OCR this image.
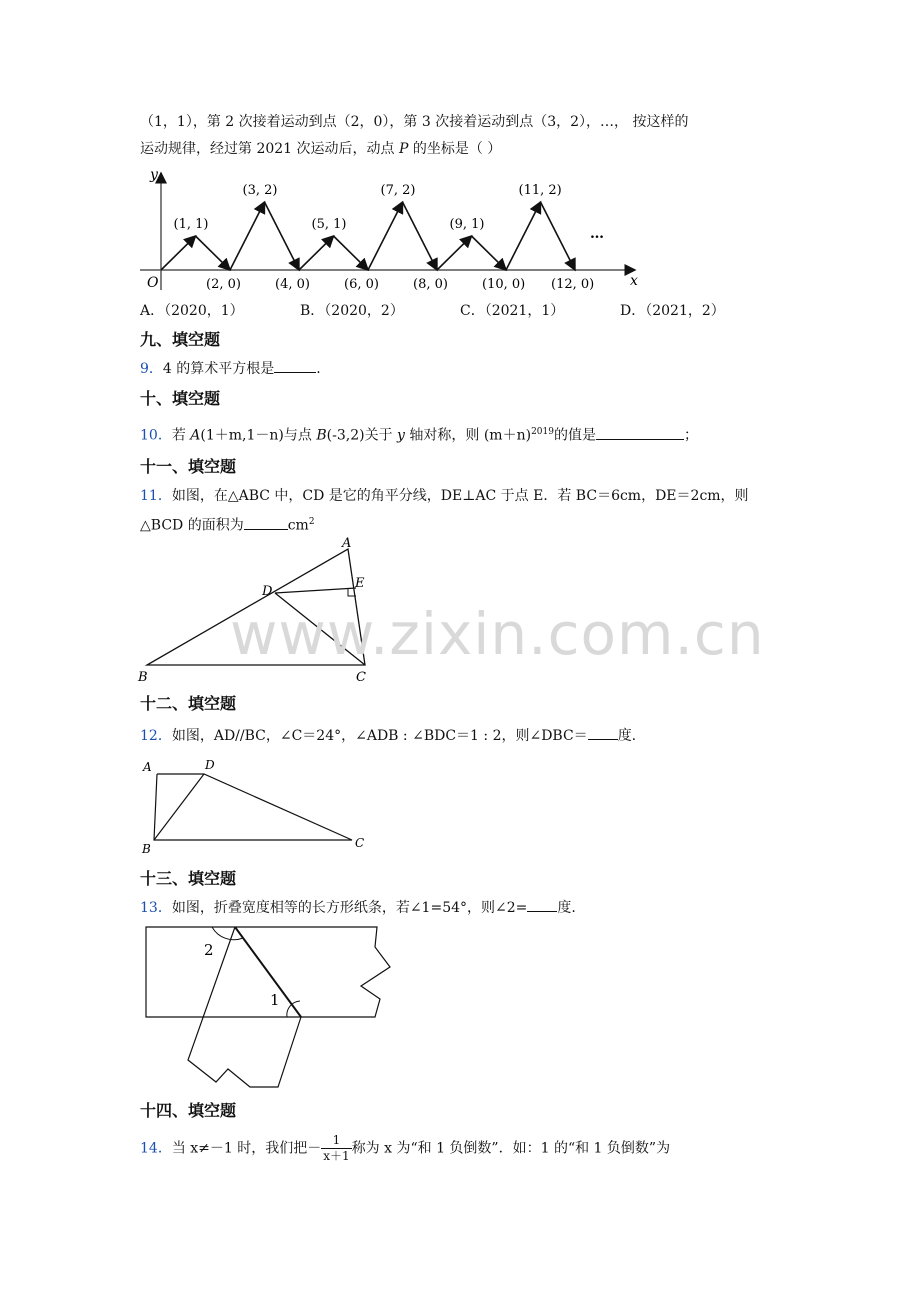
（1，1），第 2 次接着运动到点（2，0），第 3 次接着运动到点（3，2），…， 按这样的
运动规律，经过第 2021 次运动后，动点 P 的坐标是（ ）
y
x
O
(1, 1)
(3, 2)
(5, 1)
(7, 2)
(9, 1)
(11, 2)
(2, 0)	(4, 0)	(6, 0)	(8, 0)	(10, 0) (12, 0)
…
A．（2020，1）	B．（2020，2）	C．（2021，1）	D．（2021，2）
九、填空题
9．4 的算术平方根是	.
十、填空题
10．若 A(1＋m,1－n)与点 B(-3,2)关于 y 轴对称，则 $(m+n)^{2019}$的值是	；
十一、填空题
11．如图，在△ABC 中，CD 是它的角平分线，DE⊥AC 于点 E．若 BC＝6cm，DE＝2cm，则
△BCD 的面积为	$cm^2$
A
B	C
D
E
www.zixin.com.cn
十二、填空题
12．如图，AD//BC，∠C＝24°，∠ADB : ∠BDC＝1 : 2，则∠DBC＝ 度.
A	D
B	C
十三、填空题
13．如图，折叠宽度相等的长方形纸条，若∠1=54°，则∠2= 度.
2
1
十四、填空题
14．当 x≠－1 时，我们把－ $\frac{1}{x+1}$ 称为 x 为“和 1 负倒数”．如：1 的“和 1 负倒数”为
